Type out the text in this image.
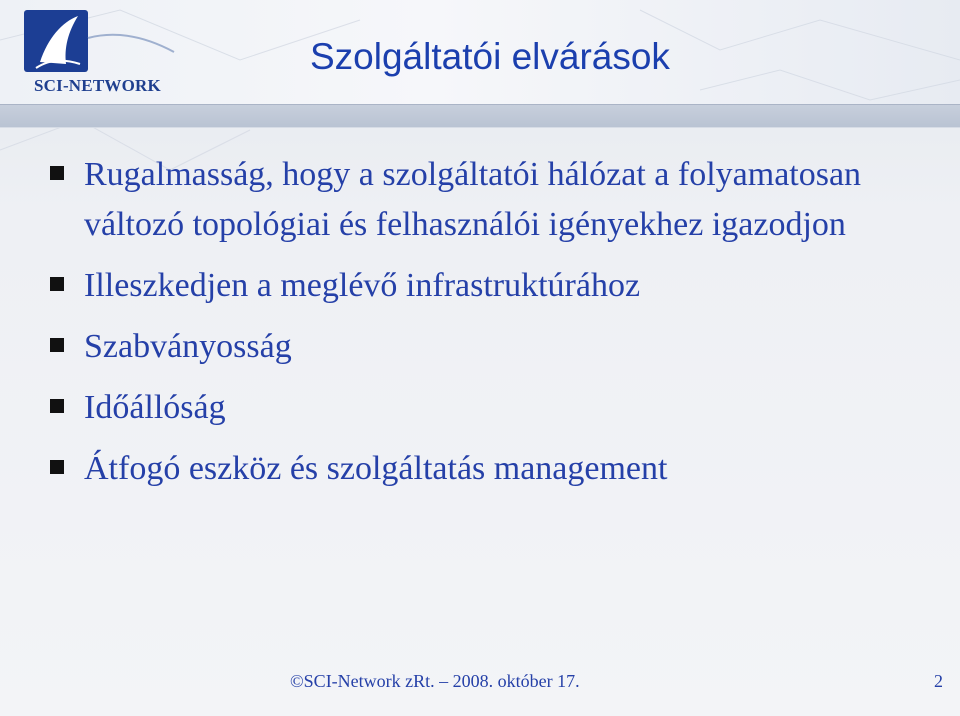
SCI-NETWORK
Szolgáltatói elvárások
Rugalmasság, hogy a szolgáltatói hálózat a folyamatosan változó topológiai és felhasználói igényekhez igazodjon
Illeszkedjen a meglévő infrastruktúrához
Szabványosság
Időállóság
Átfogó eszköz és szolgáltatás management
©SCI-Network zRt. – 2008. október 17.	2
